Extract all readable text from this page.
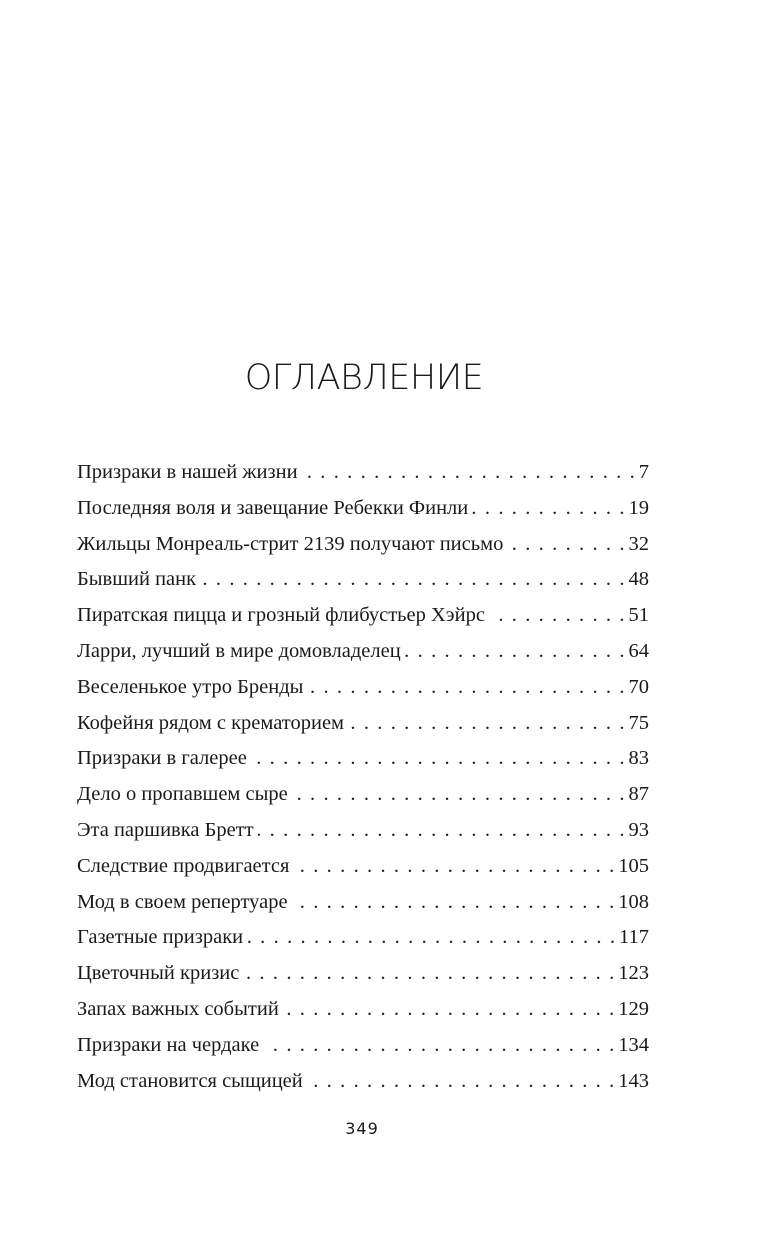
ОГЛАВЛЕНИЕ
Призраки в нашей жизни . . .	7
Последняя воля и завещание Ребекки Финли . . .	19
Жильцы Монреаль-стрит 2139 получают письмо . . .	32
Бывший панк . . .	48
Пиратская пицца и грозный флибустьер Хэйрс . . .	51
Ларри, лучший в мире домовладелец . . .	64
Веселенькое утро Бренды . . .	70
Кофейня рядом с крематорием . . .	75
Призраки в галерее . . .	83
Дело о пропавшем сыре . . .	87
Эта паршивка Бретт . . .	93
Следствие продвигается . . .	105
Мод в своем репертуаре . . .	108
Газетные призраки . . .	117
Цветочный кризис . . .	123
Запах важных событий . . .	129
Призраки на чердаке . . .	134
Мод становится сыщицей . . .	143
349
